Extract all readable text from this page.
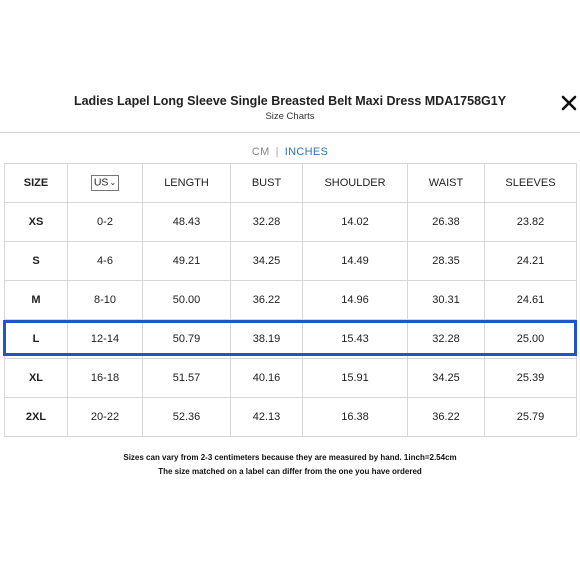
Ladies Lapel Long Sleeve Single Breasted Belt Maxi Dress MDA1758G1Y
Size Charts
CM | INCHES
SIZE	US⌄	LENGTH	BUST	SHOULDER	WAIST	SLEEVES
XS	0-2	48.43	32.28	14.02	26.38	23.82
S	4-6	49.21	34.25	14.49	28.35	24.21
M	8-10	50.00	36.22	14.96	30.31	24.61
L	12-14	50.79	38.19	15.43	32.28	25.00
XL	16-18	51.57	40.16	15.91	34.25	25.39
2XL	20-22	52.36	42.13	16.38	36.22	25.79
Sizes can vary from 2-3 centimeters because they are measured by hand. 1inch=2.54cm
The size matched on a label can differ from the one you have ordered
